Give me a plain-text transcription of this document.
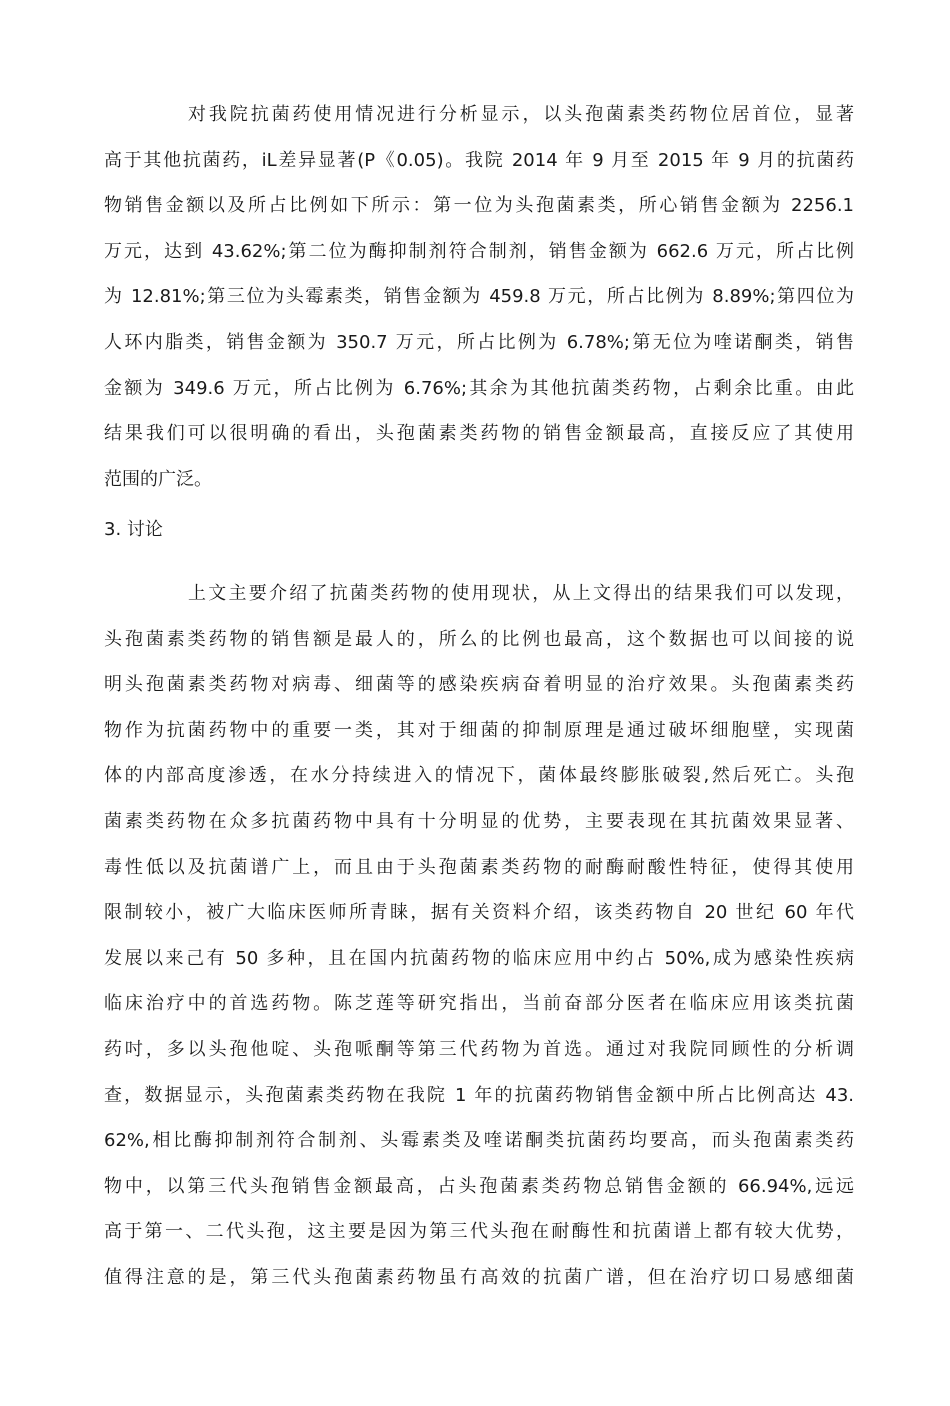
对我院抗菌药使用情况进行分析显示，以头孢菌素类药物位居首位，显著
高于其他抗菌药，iL差异显著(P《0.05)。我院 2014 年 9 月至 2015 年 9 月的抗菌药
物销售金额以及所占比例如下所示：第一位为头孢菌素类，所心销售金额为 2256.1
万元，达到 43.62%;第二位为酶抑制剂符合制剂，销售金额为 662.6 万元，所占比例
为 12.81%;第三位为头霉素类，销售金额为 459.8 万元，所占比例为 8.89%;第四位为
人环内脂类，销售金额为 350.7 万元，所占比例为 6.78%;第无位为喹诺酮类，销售
金额为 349.6 万元，所占比例为 6.76%;其余为其他抗菌类药物，占剩余比重。由此
结果我们可以很明确的看出，头孢菌素类药物的销售金额最高，直接反应了其使用
范围的广泛。
3. 讨论
上文主要介绍了抗菌类药物的使用现状，从上文得出的结果我们可以发现，
头孢菌素类药物的销售额是最人的，所么的比例也最高，这个数据也可以间接的说
明头孢菌素类药物对病毒、细菌等的感染疾病奋着明显的治疗效果。头孢菌素类药
物作为抗菌药物中的重要一类，其对于细菌的抑制原理是通过破坏细胞壁，实现菌
体的内部高度渗透，在水分持续进入的情况下，菌体最终膨胀破裂,然后死亡。头孢
菌素类药物在众多抗菌药物中具有十分明显的优势，主要表现在其抗菌效果显著、
毒性低以及抗菌谱广上，而且由于头孢菌素类药物的耐酶耐酸性特征，使得其使用
限制较小，被广大临床医师所青睐，据有关资料介绍，该类药物自 20 世纪 60 年代
发展以来己有 50 多种，且在国内抗菌药物的临床应用中约占 50%,成为感染性疾病
临床治疗中的首选药物。陈芝莲等研究指出，当前奋部分医者在临床应用该类抗菌
药吋，多以头孢他啶、头孢哌酮等第三代药物为首选。通过对我院同顾性的分析调
查，数据显示，头孢菌素类药物在我院 1 年的抗菌药物销售金额中所占比例高达 43.
62%,相比酶抑制剂符合制剂、头霉素类及喹诺酮类抗菌药均要高，而头孢菌素类药
物中，以第三代头孢销售金额最高，占头孢菌素类药物总销售金额的 66.94%,远远
高于第一、二代头孢，这主要是因为第三代头孢在耐酶性和抗菌谱上都有较大优势，
值得注意的是，第三代头孢菌素药物虽冇高效的抗菌广谱，但在治疗切口易感细菌
